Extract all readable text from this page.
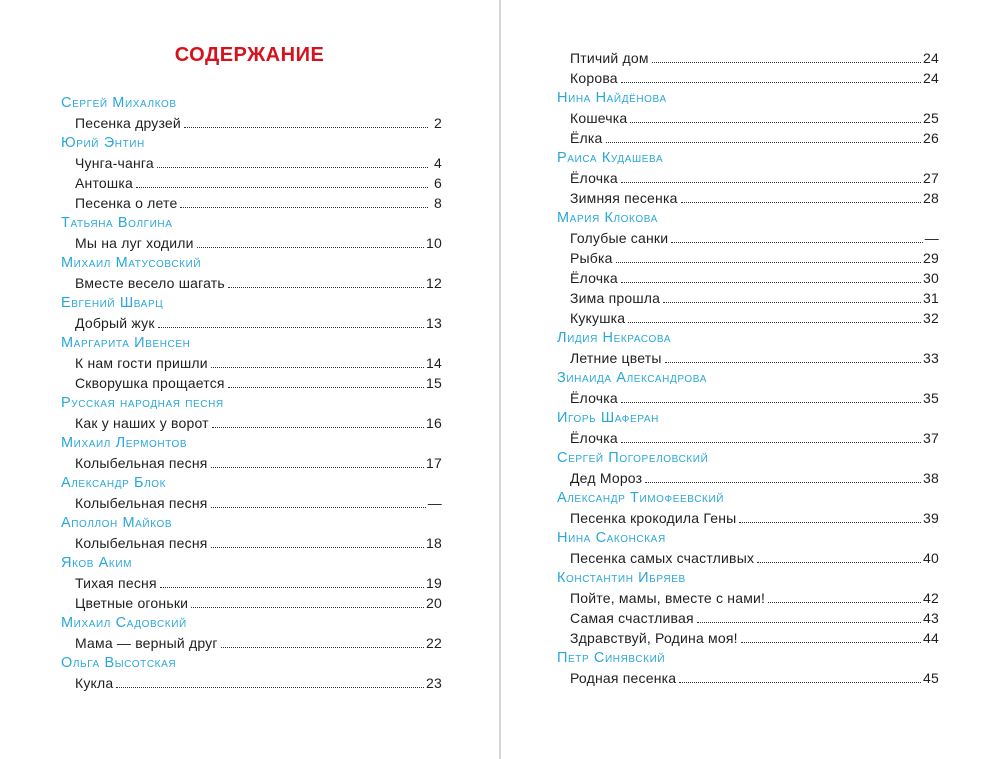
СОДЕРЖАНИЕ
Сергей Михалков
Песенка друзей	2
Юрий Энтин
Чунга-чанга	4
Антошка	6
Песенка о лете	8
Татьяна Волгина
Мы на луг ходили	10
Михаил Матусовский
Вместе весело шагать	12
Евгений Шварц
Добрый жук	13
Маргарита Ивенсен
К нам гости пришли	14
Скворушка прощается	15
Русская народная песня
Как у наших у ворот	16
Михаил Лермонтов
Колыбельная песня	17
Александр Блок
Колыбельная песня	—
Аполлон Майков
Колыбельная песня	18
Яков Аким
Тихая песня	19
Цветные огоньки	20
Михаил Садовский
Мама — верный друг	22
Ольга Высотская
Кукла	23
Птичий дом	24
Корова	24
Нина Найдёнова
Кошечка	25
Ёлка	26
Раиса Кудашева
Ёлочка	27
Зимняя песенка	28
Мария Клокова
Голубые санки	—
Рыбка	29
Ёлочка	30
Зима прошла	31
Кукушка	32
Лидия Некрасова
Летние цветы	33
Зинаида Александрова
Ёлочка	35
Игорь Шаферан
Ёлочка	37
Сергей Погореловский
Дед Мороз	38
Александр Тимофеевский
Песенка крокодила Гены	39
Нина Саконская
Песенка самых счастливых	40
Константин Ибряев
Пойте, мамы, вместе с нами!	42
Самая счастливая	43
Здравствуй, Родина моя!	44
Петр Синявский
Родная песенка	45
